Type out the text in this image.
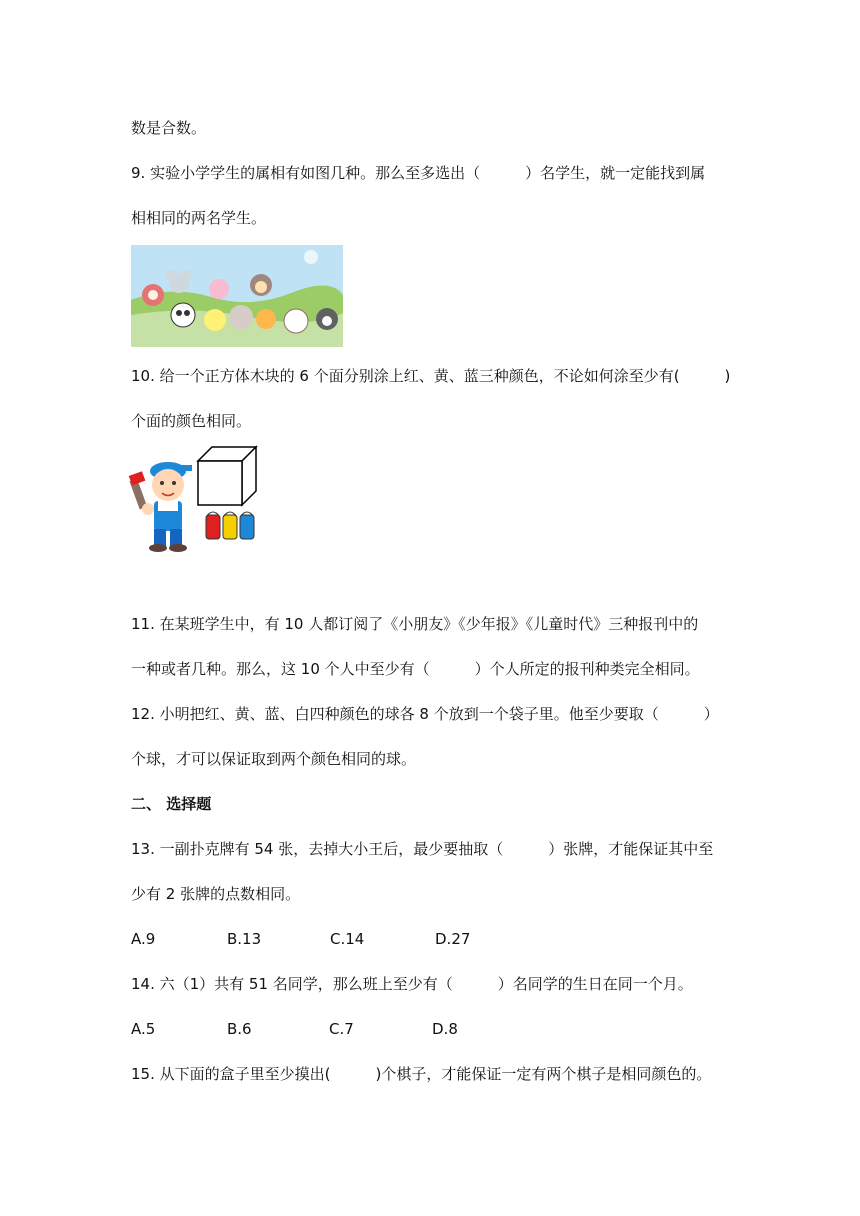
数是合数。
9. 实验小学学生的属相有如图几种。那么至多选出（　　　）名学生，就一定能找到属
相相同的两名学生。
10. 给一个正方体木块的 6 个面分别涂上红、黄、蓝三种颜色，不论如何涂至少有(　　　)
个面的颜色相同。
11. 在某班学生中，有 10 人都订阅了《小朋友》《少年报》《儿童时代》三种报刊中的
一种或者几种。那么，这 10 个人中至少有（　　　）个人所定的报刊种类完全相同。
12. 小明把红、黄、蓝、白四种颜色的球各 8 个放到一个袋子里。他至少要取（　　　）
个球，才可以保证取到两个颜色相同的球。
二、 选择题
13. 一副扑克牌有 54 张，去掉大小王后，最少要抽取（　　　）张牌，才能保证其中至
少有 2 张牌的点数相同。
A.9	B.13	C.14	D.27
14. 六（1）共有 51 名同学，那么班上至少有（　　　）名同学的生日在同一个月。
A.5	B.6	C.7	D.8
15. 从下面的盒子里至少摸出(　　　)个棋子，才能保证一定有两个棋子是相同颜色的。
